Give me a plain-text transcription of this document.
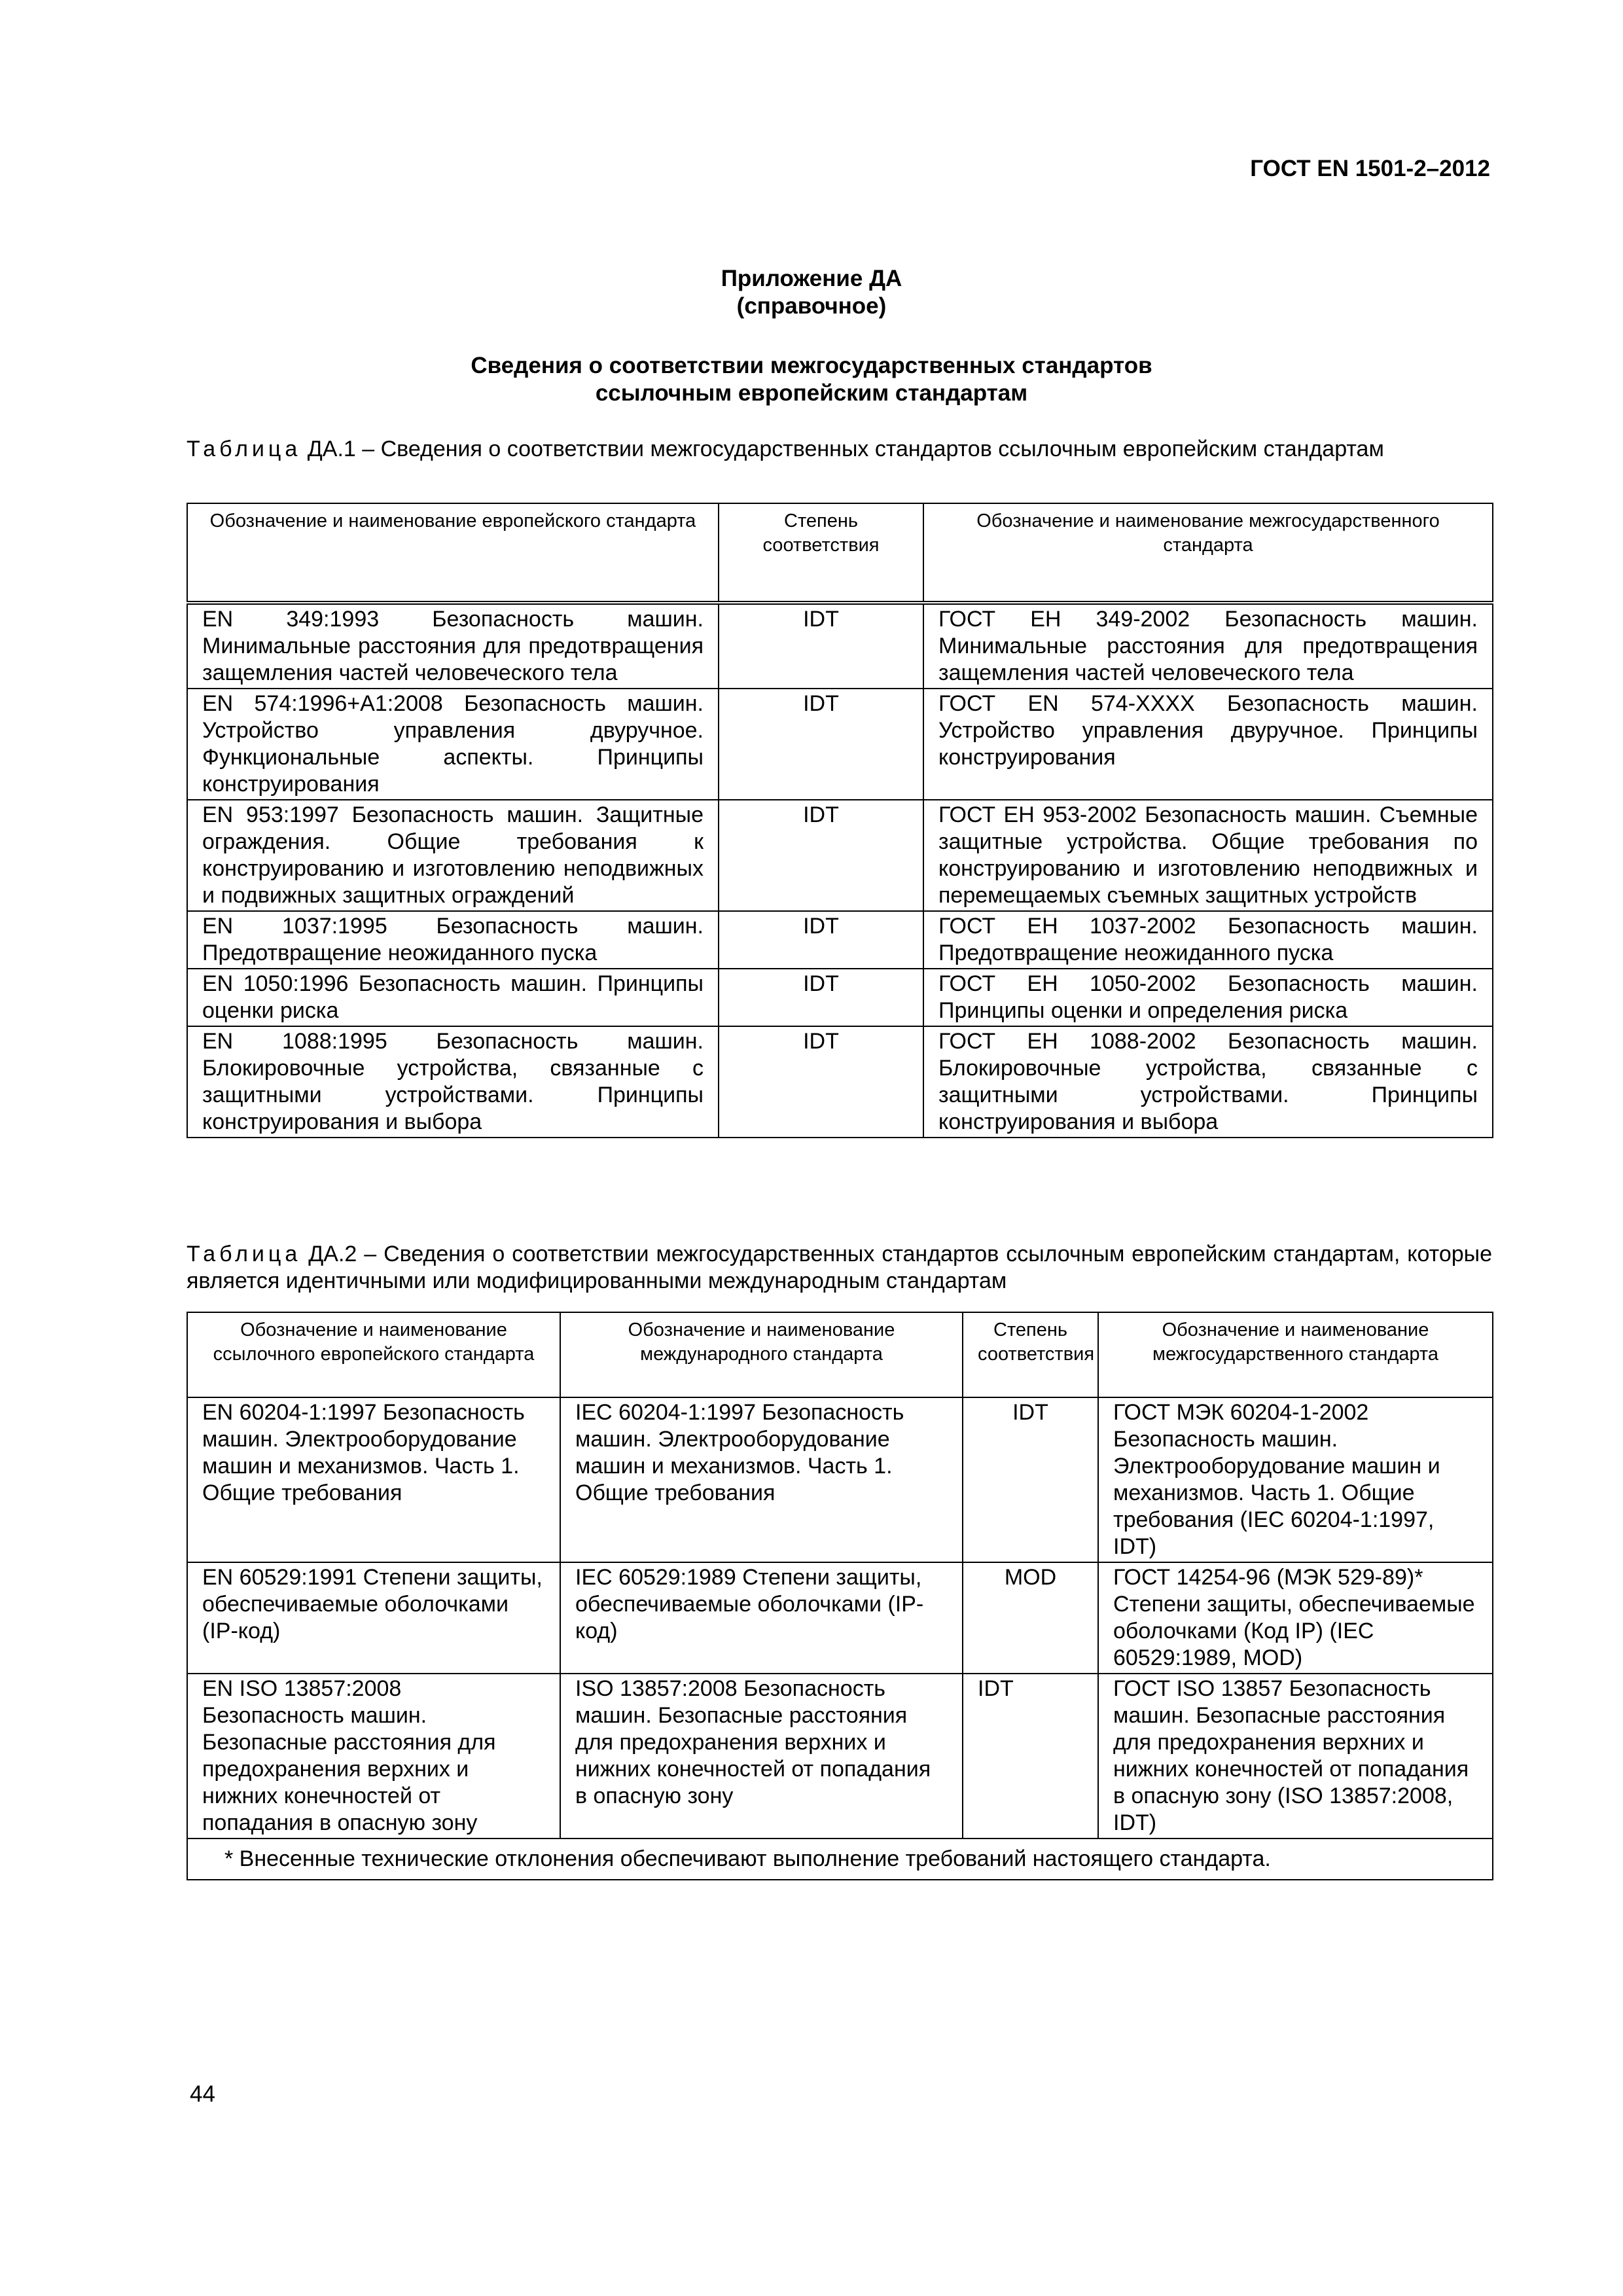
ГОСТ EN 1501-2–2012
Приложение ДА
(справочное)
Сведения о соответствии межгосударственных стандартов
ссылочным европейским стандартам
Таблица ДА.1 – Сведения о соответствии межгосударственных стандартов ссылочным европейским стандартам
Обозначение и наименование европейского стандарта	Степень соответствия	Обозначение и наименование межгосударственного стандарта
EN 349:1993 Безопасность машин. Минимальные расстояния для предотвращения защемления частей человеческого тела	IDT	ГОСТ ЕН 349-2002 Безопасность машин. Минимальные расстояния для предотвращения защемления частей человеческого тела
EN 574:1996+A1:2008 Безопасность машин. Устройство управления двуручное. Функциональные аспекты. Принципы конструирования	IDT	ГОСТ EN 574-XXXX Безопасность машин. Устройство управления двуручное. Принципы конструирования
EN 953:1997 Безопасность машин. Защитные ограждения. Общие требования к конструированию и изготовлению неподвижных и подвижных защитных ограждений	IDT	ГОСТ ЕН 953-2002 Безопасность машин. Съемные защитные устройства. Общие требования по конструированию и изготовлению неподвижных и перемещаемых съемных защитных устройств
EN 1037:1995 Безопасность машин. Предотвращение неожиданного пуска	IDT	ГОСТ ЕН 1037-2002 Безопасность машин. Предотвращение неожиданного пуска
EN 1050:1996 Безопасность машин. Принципы оценки риска	IDT	ГОСТ ЕН 1050-2002 Безопасность машин. Принципы оценки и определения риска
EN 1088:1995 Безопасность машин. Блокировочные устройства, связанные с защитными устройствами. Принципы конструирования и выбора	IDT	ГОСТ ЕН 1088-2002 Безопасность машин. Блокировочные устройства, связанные с защитными устройствами. Принципы конструирования и выбора
Таблица ДА.2 – Сведения о соответствии межгосударственных стандартов ссылочным европейским стандартам, которые является идентичными или модифицированными международным стандартам
Обозначение и наименование ссылочного европейского стандарта	Обозначение и наименование международного стандарта	Степень соответствия	Обозначение и наименование межгосударственного стандарта
EN 60204-1:1997 Безопасность машин. Электрооборудование машин и механизмов. Часть 1. Общие требования	IEC 60204-1:1997 Безопасность машин. Электрооборудование машин и механизмов. Часть 1. Общие требования	IDT	ГОСТ МЭК 60204-1-2002 Безопасность машин. Электрооборудование машин и механизмов. Часть 1. Общие требования (IEC 60204-1:1997, IDT)
EN 60529:1991 Степени защиты, обеспечиваемые оболочками (IP-код)	IEC 60529:1989 Степени защиты, обеспечиваемые оболочками (IP-код)	MOD	ГОСТ 14254-96 (МЭК 529-89)* Степени защиты, обеспечиваемые оболочками (Код IP) (IEC 60529:1989, MOD)
EN ISO 13857:2008 Безопасность машин. Безопасные расстояния для предохранения верхних и нижних конечностей от попадания в опасную зону	ISO 13857:2008 Безопасность машин. Безопасные расстояния для предохранения верхних и нижних конечностей от попадания в опасную зону	IDT	ГОСТ ISO 13857 Безопасность машин. Безопасные расстояния для предохранения верхних и нижних конечностей от попадания в опасную зону (ISO 13857:2008, IDT)
* Внесенные технические отклонения обеспечивают выполнение требований настоящего стандарта.			
44
